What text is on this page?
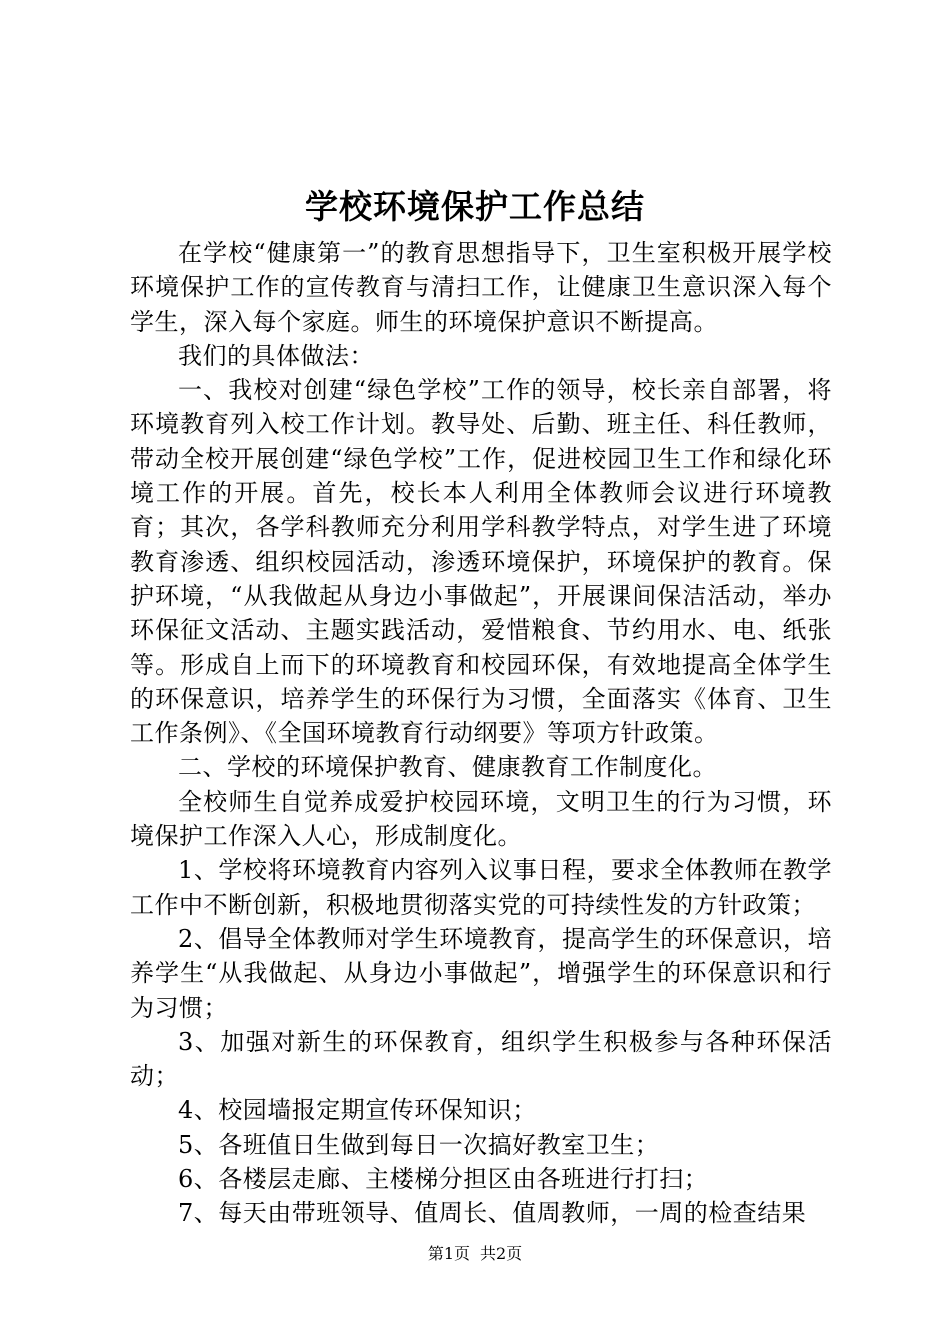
学校环境保护工作总结

在学校“健康第一”的教育思想指导下，卫生室积极开展学校环境保护工作的宣传教育与清扫工作，让健康卫生意识深入每个学生，深入每个家庭。师生的环境保护意识不断提高。

我们的具体做法：

一、我校对创建“绿色学校”工作的领导，校长亲自部署，将环境教育列入校工作计划。教导处、后勤、班主任、科任教师，带动全校开展创建“绿色学校”工作，促进校园卫生工作和绿化环境工作的开展。首先，校长本人利用全体教师会议进行环境教育；其次，各学科教师充分利用学科教学特点，对学生进了环境教育渗透、组织校园活动，渗透环境保护，环境保护的教育。保护环境，“从我做起从身边小事做起”，开展课间保洁活动，举办环保征文活动、主题实践活动，爱惜粮食、节约用水、电、纸张等。形成自上而下的环境教育和校园环保，有效地提高全体学生的环保意识，培养学生的环保行为习惯，全面落实《体育、卫生工作条例》、《全国环境教育行动纲要》等项方针政策。

二、学校的环境保护教育、健康教育工作制度化。

全校师生自觉养成爱护校园环境，文明卫生的行为习惯，环境保护工作深入人心，形成制度化。

1、学校将环境教育内容列入议事日程，要求全体教师在教学工作中不断创新，积极地贯彻落实党的可持续性发的方针政策；

2、倡导全体教师对学生环境教育，提高学生的环保意识，培养学生“从我做起、从身边小事做起”，增强学生的环保意识和行为习惯；

3、加强对新生的环保教育，组织学生积极参与各种环保活动；

4、校园墙报定期宣传环保知识；

5、各班值日生做到每日一次搞好教室卫生；

6、各楼层走廊、主楼梯分担区由各班进行打扫；

7、每天由带班领导、值周长、值周教师，一周的检查结果

第1页 共2页
